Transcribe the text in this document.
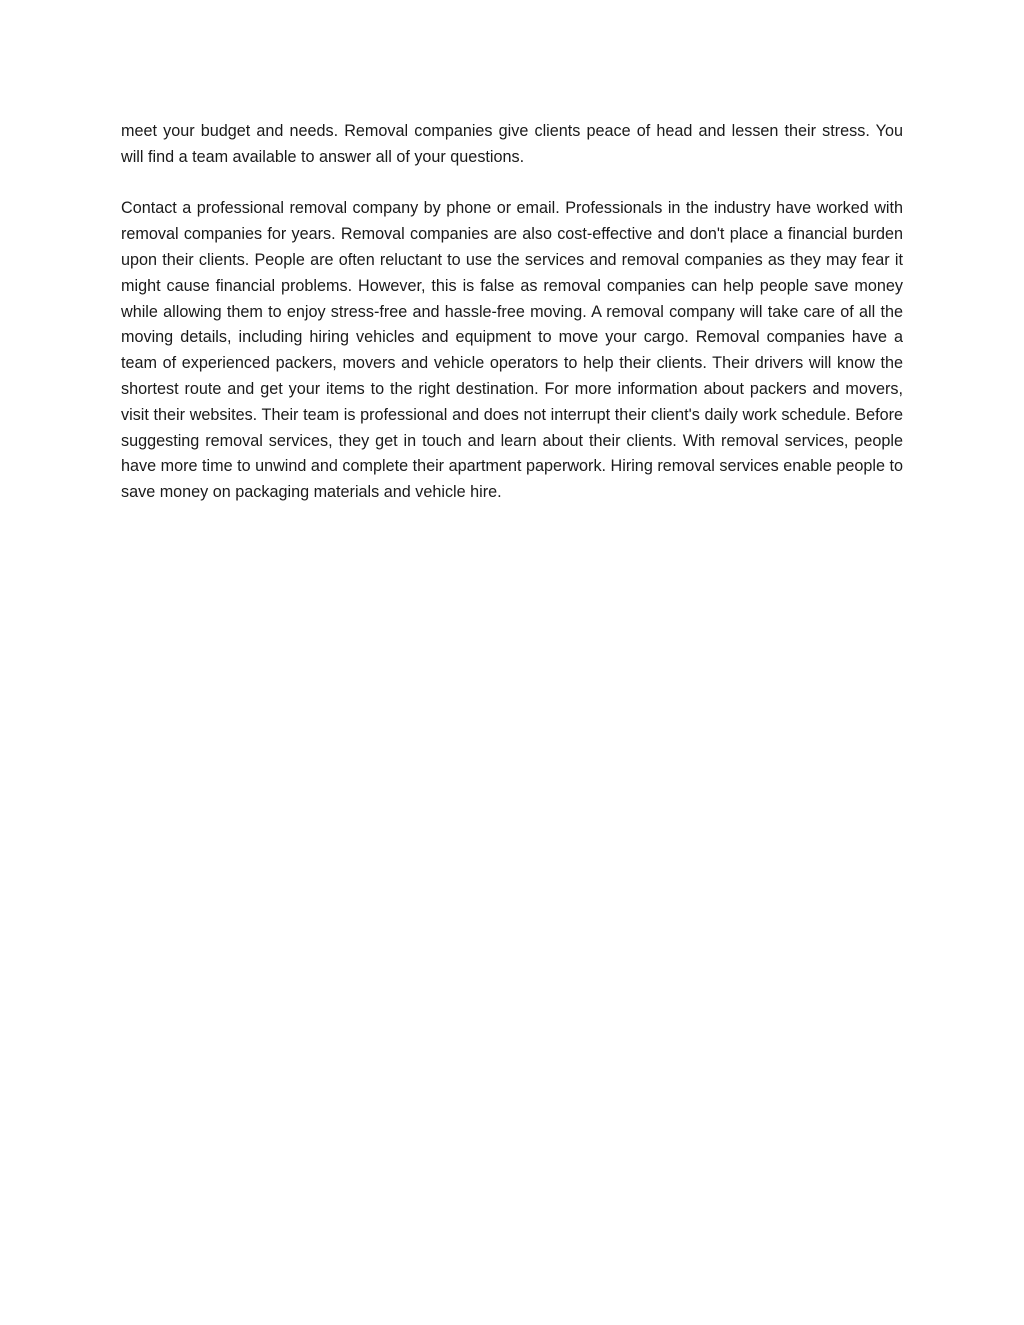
meet your budget and needs. Removal companies give clients peace of head and lessen their stress. You will find a team available to answer all of your questions.

Contact a professional removal company by phone or email. Professionals in the industry have worked with removal companies for years. Removal companies are also cost-effective and don't place a financial burden upon their clients. People are often reluctant to use the services and removal companies as they may fear it might cause financial problems. However, this is false as removal companies can help people save money while allowing them to enjoy stress-free and hassle-free moving. A removal company will take care of all the moving details, including hiring vehicles and equipment to move your cargo. Removal companies have a team of experienced packers, movers and vehicle operators to help their clients. Their drivers will know the shortest route and get your items to the right destination. For more information about packers and movers, visit their websites. Their team is professional and does not interrupt their client's daily work schedule. Before suggesting removal services, they get in touch and learn about their clients. With removal services, people have more time to unwind and complete their apartment paperwork. Hiring removal services enable people to save money on packaging materials and vehicle hire.
